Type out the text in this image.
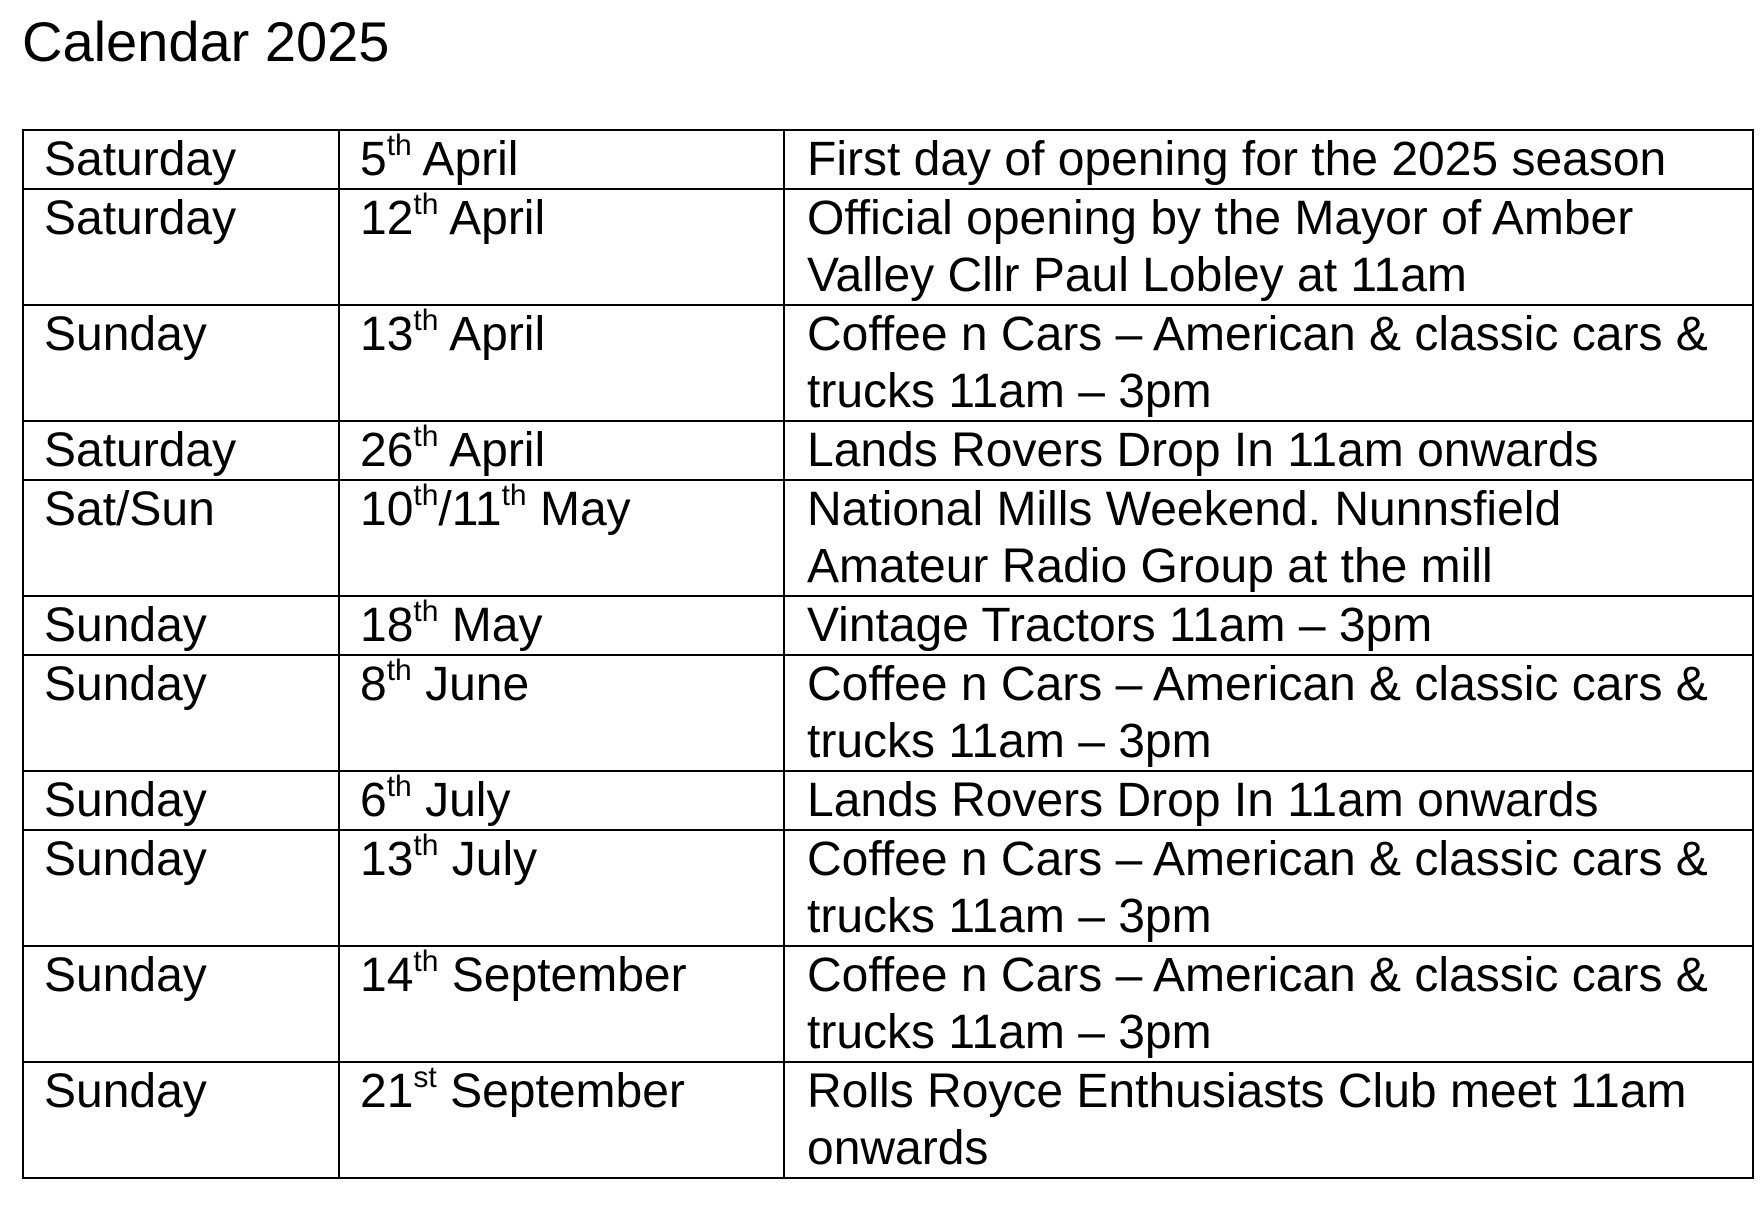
Calendar 2025
Saturday	5th April	First day of opening for the 2025 season

Saturday	12th April	Official opening by the Mayor of Amber
Valley Cllr Paul Lobley at 11am

Sunday	13th April	Coffee n Cars – American & classic cars &
trucks 11am – 3pm

Saturday	26th April	Lands Rovers Drop In 11am onwards

Sat/Sun	10th/11th May	National Mills Weekend. Nunnsfield
Amateur Radio Group at the mill

Sunday	18th May	Vintage Tractors 11am – 3pm

Sunday	8th June	Coffee n Cars – American & classic cars &
trucks 11am – 3pm

Sunday	6th July	Lands Rovers Drop In 11am onwards

Sunday	13th July	Coffee n Cars – American & classic cars &
trucks 11am – 3pm

Sunday	14th September	Coffee n Cars – American & classic cars &
trucks 11am – 3pm

Sunday	21st September	Rolls Royce Enthusiasts Club meet 11am
onwards
